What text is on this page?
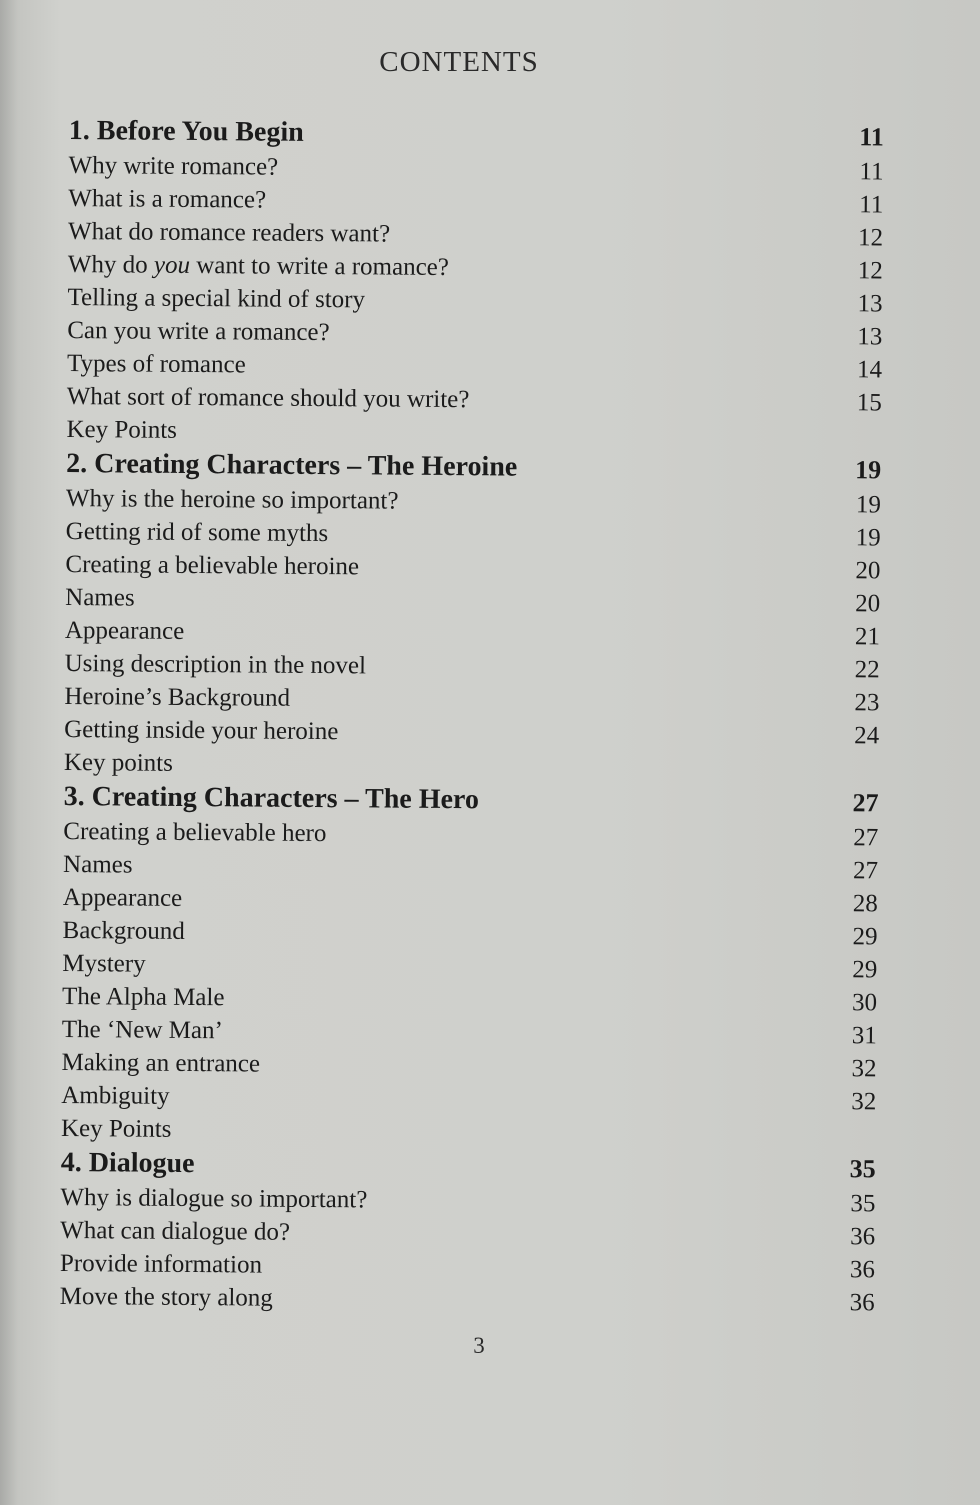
CONTENTS
1. Before You Begin	11
Why write romance?	11
What is a romance?	11
What do romance readers want?	12
Why do you want to write a romance?	12
Telling a special kind of story	13
Can you write a romance?	13
Types of romance	14
What sort of romance should you write?	15
Key Points
2. Creating Characters – The Heroine	19
Why is the heroine so important?	19
Getting rid of some myths	19
Creating a believable heroine	20
Names	20
Appearance	21
Using description in the novel	22
Heroine’s Background	23
Getting inside your heroine	24
Key points
3. Creating Characters – The Hero	27
Creating a believable hero	27
Names	27
Appearance	28
Background	29
Mystery	29
The Alpha Male	30
The ‘New Man’	31
Making an entrance	32
Ambiguity	32
Key Points
4. Dialogue	35
Why is dialogue so important?	35
What can dialogue do?	36
Provide information	36
Move the story along	36
3
